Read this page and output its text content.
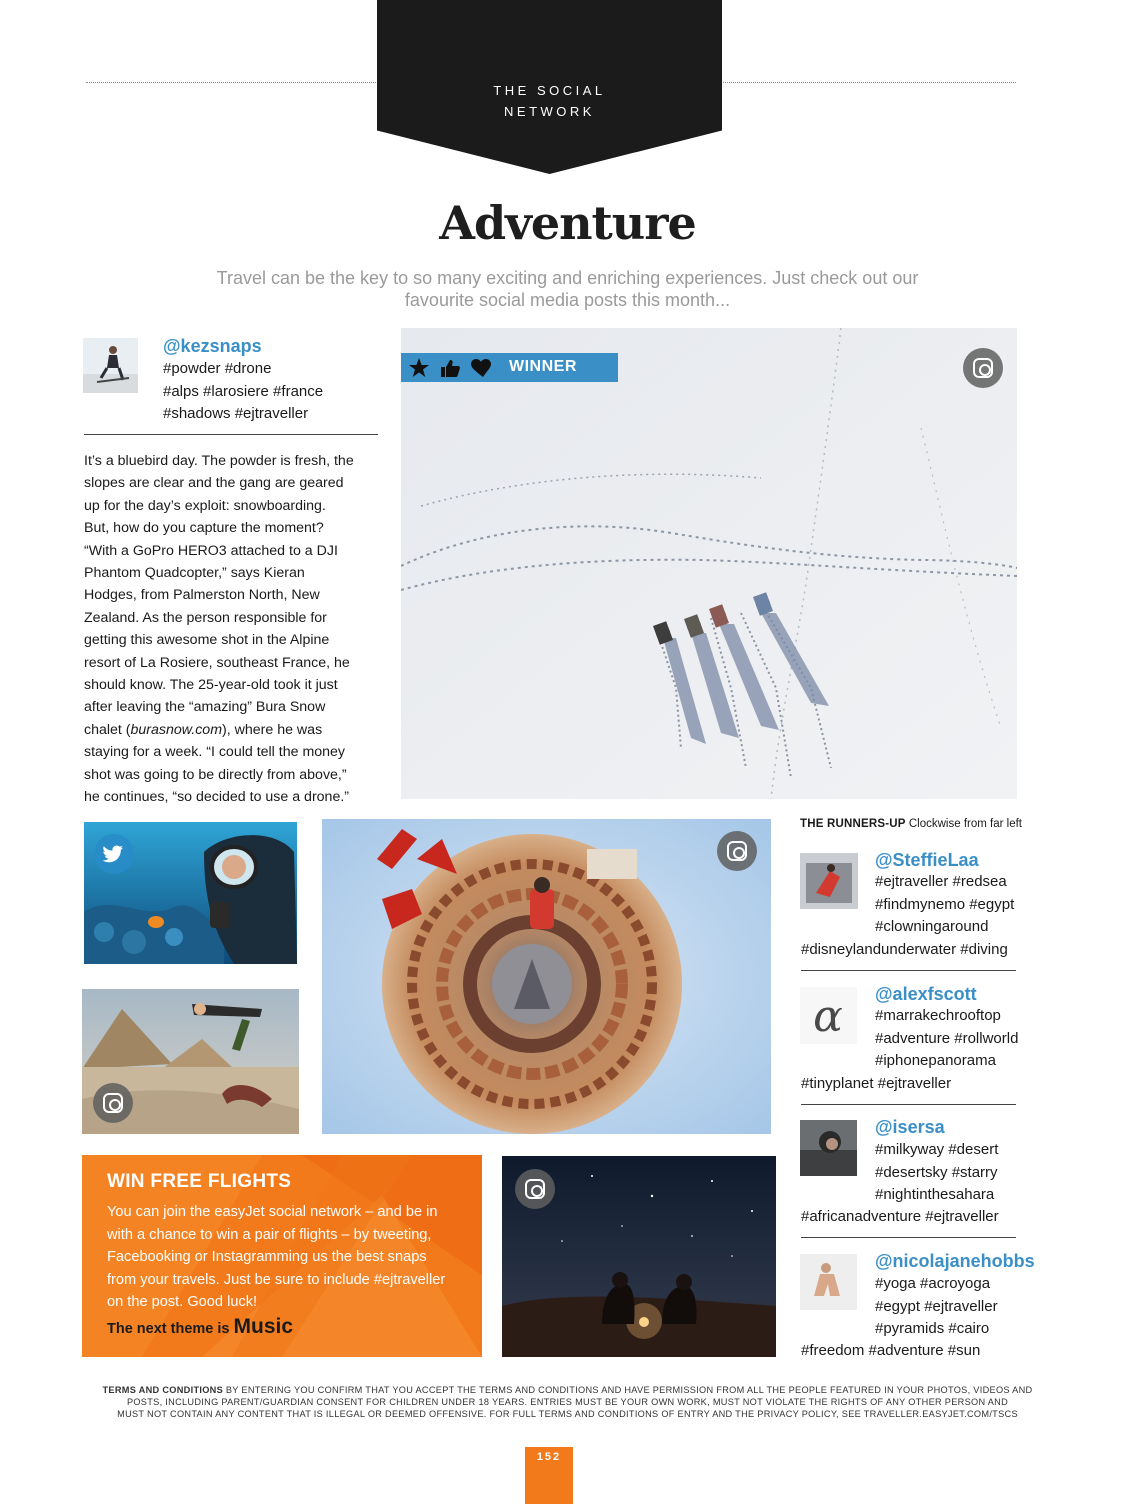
THE SOCIAL
NETWORK
Adventure
Travel can be the key to so many exciting and enriching experiences. Just check out our
favourite social media posts this month...
@kezsnaps
#powder #drone
#alps #larosiere #france
#shadows #ejtraveller
It’s a bluebird day. The powder is fresh, the
slopes are clear and the gang are geared
up for the day’s exploit: snowboarding.
But, how do you capture the moment?
“With a GoPro HERO3 attached to a DJI
Phantom Quadcopter,” says Kieran
Hodges, from Palmerston North, New
Zealand. As the person responsible for
getting this awesome shot in the Alpine
resort of La Rosiere, southeast France, he
should know. The 25-year-old took it just
after leaving the “amazing” Bura Snow
chalet (burasnow.com), where he was
staying for a week. “I could tell the money
shot was going to be directly from above,”
he continues, “so decided to use a drone.”
WINNER
THE RUNNERS-UP Clockwise from far left
@SteffieLaa
#ejtraveller #redsea
#findmynemo #egypt
#clowningaround
#disneylandunderwater #diving
α @alexfscott
#marrakechrooftop
#adventure #rollworld
#iphonepanorama
#tinyplanet #ejtraveller
@isersa
#milkyway #desert
#desertsky #starry
#nightinthesahara
#africanadventure #ejtraveller
@nicolajanehobbs
#yoga #acroyoga
#egypt #ejtraveller
#pyramids #cairo
#freedom #adventure #sun
WIN FREE FLIGHTS
You can join the easyJet social network – and be in with a chance to win a pair of flights – by tweeting, Facebooking or Instagramming us the best snaps from your travels. Just be sure to include #ejtraveller on the post. Good luck!
The next theme is Music
TERMS AND CONDITIONS BY ENTERING YOU CONFIRM THAT YOU ACCEPT THE TERMS AND CONDITIONS AND HAVE PERMISSION FROM ALL THE PEOPLE FEATURED IN YOUR PHOTOS, VIDEOS AND
POSTS, INCLUDING PARENT/GUARDIAN CONSENT FOR CHILDREN UNDER 18 YEARS. ENTRIES MUST BE YOUR OWN WORK, MUST NOT VIOLATE THE RIGHTS OF ANY OTHER PERSON AND
MUST NOT CONTAIN ANY CONTENT THAT IS ILLEGAL OR DEEMED OFFENSIVE. FOR FULL TERMS AND CONDITIONS OF ENTRY AND THE PRIVACY POLICY, SEE TRAVELLER.EASYJET.COM/TSCS
152
